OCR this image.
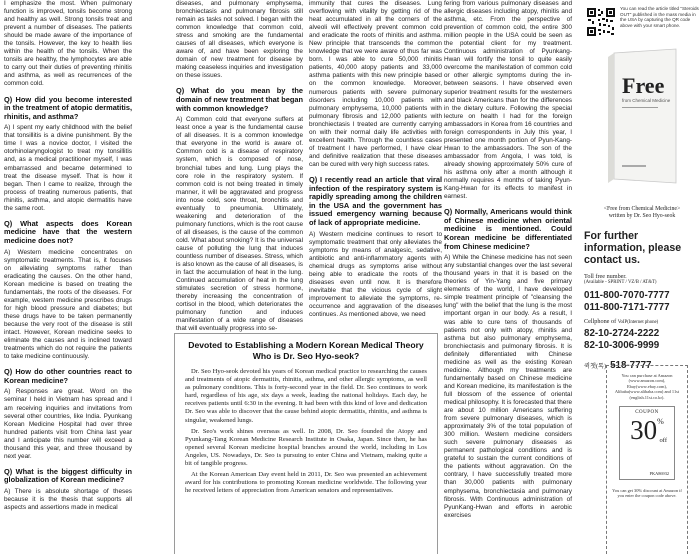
I emphasize the most. When pulmonary function is improved, tonsils become strong and healthy as well. Strong tonsils treat and prevent a number of diseases. The patients should be made aware of the importance of the tonsils. However, the key to health lies within the health of the tonsils. When the tonsils are healthy, the lymphocytes are able to carry out their duties of preventing rhinitis and asthma, as well as recurrences of the common cold.

Q) How did you become interested in the treatment of atopic dermatitis, rhinitis, and asthma?

A) I spent my early childhood with the belief that tonsillitis is a divine punishment. By the time I was a novice doctor, I visited the otorhinolaryngologist to treat my tonsillitis and, as a medical practitioner myself, I was embarrassed and became determined to treat the disease myself. That is how it began. Then I came to realize, through the process of treating numerous patients, that rhinitis, asthma, and atopic dermatitis have the same root.

Q) What aspects does Korean medicine have that the western medicine does not?

A) Western medicine concentrates on symptomatic treatments. That is, it focuses on alleviating symptoms rather than eradicating the causes. On the other hand, Korean medicine is based on treating the fundamentals, the roots of the diseases. For example, western medicine prescribes drugs for high blood pressure and diabetes; but these drugs have to be taken permanently because the very root of the disease is still intact. However, Korean medicine seeks to eliminate the causes and is inclined toward treatments which do not require the patients to take medicine continuously.

Q) How do other countries react to Korean medicine?

A) Responses are great. Word on the seminar I held in Vietnam has spread and I am receiving inquiries and invitations from several other countries, like India. Pyunkang Korean Medicine Hospital had over three hundred patients visit from China last year and I anticipate this number will exceed a thousand this year, and three thousand by next year.

Q) What is the biggest difficulty in globalization of Korean medicine?

A) There is absolute shortage of theses because it is the thesis that supports all aspects and assertions made in medical

diseases, and pulmonary emphysema, bronchiectasis and pulmonary fibrosis still remain as tasks not solved. I began with the common knowledge that common cold, stress and smoking are the fundamental causes of all diseases, which everyone is aware of, and have been exploring the domain of new treatment for disease by making ceaseless inquiries and investigation on these issues.

Q) What do you mean by the domain of new treatment that began with common knowledge?

A) Common cold that everyone suffers at least once a year is the fundamental cause of all diseases. It is a common knowledge that everyone in the world is aware of. Common cold is a disease of respiratory system, which is composed of nose, bronchial tubes and lung. Lung plays the core role in the respiratory system. If common cold is not being treated in timely manner, it will be aggravated and progress into nose cold, sore throat, bronchitis and eventually to pneumonia. Ultimately, weakening and deterioration of the pulmonary functions, which is the root cause of all diseases, is the cause of the common cold. What about smoking? It is the universal cause of polluting the lung that induces countless number of diseases. Stress, which is also known as the cause of all diseases, is in fact the accumulation of heat in the lung. Continued accumulation of heat in the lung stimulates secretion of stress hormone, thereby increasing the concentration of cortisol in the blood, which deteriorates the pulmonary function and induces manifestation of a wide range of diseases that will eventually progress into se-

immunity that cures the diseases. Lung overflowing with vitality by getting rid of the heat accumulated in all the corners of the alveoli will effectively prevent common cold and eradicate the roots of rhinitis and asthma. New principle that transcends the common knowledge that we were aware of thus far was born. I was able to cure 50,000 rhinitis patients, 40,000 atopy patients and 33,000 asthma patients with this new principle based on the common knowledge. Moreover, numerous patients with severe pulmonary disorders including 10,000 patients with pulmonary emphysema, 10,000 patients with pulmonary fibrosis and 12,000 patients with bronchiectasis I treated are currently carrying on with their normal daily life activities with excellent health. Through the countless cases of treatment I have performed, I have clear and definitive realization that these diseases can be cured with very high success rates.

Q) I recently read an article that viral infection of the respiratory system is rapidly spreading among the children in the USA and the government has issued emergency warning because of lack of appropriate medicine.

A) Western medicine continues to resort to symptomatic treatment that only alleviates the symptoms by means of analgesic, sedative, antibiotic and anti-inflammatory agents with chemical drugs as symptoms arise without being able to eradicate the roots of the diseases even until now. It is therefore inevitable that the vicious cycle of slight improvement to alleviate the symptoms, re-occurrence and aggravation of the diseases continues. As mentioned above, we need

fering from various pulmonary diseases and allergic diseases including atopy, rhinitis and asthma, etc. From the perspective of prevention of common cold, the entire 300 million people in the USA could be seen as the potential client for my treatment. Continuous administration of Pyunkang-Hwan will fortify the tonsil to quite easily overcome the manifestation of common cold or other allergic symptoms during the in-between seasons. I have observed even superior treatment results for the westerners and black Americans than for the differences in the dietary culture. Following the special lecture on health I had for the foreign ambassadors in Korea from 16 countries and foreign correspondents in July this year, I presented one month portion of Pyun-Kang-Hwan to the ambassadors. The son of the ambassador from Angola, I was told, is already showing approximately 50% cure of his asthma only after a month although it normally requires 4 months of taking Pyun-Kang-Hwan for its effects to manifest in earnest.

Q) Normally, Americans would think of Chinese medicine when oriental medicine is mentioned. Could Korean medicine be differentiated from Chinese medicine?

A) While the Chinese medicine has not seen any substantial changes over the last several thousand years in that it is based on the theories of Yin-Yang and five primary elements of the world, I have developed simple treatment principle of "cleansing the lung" with the belief that the lung is the most important organ in our body. As a result, I was able to cure tens of thousands of patients not only with atopy, rhinitis and asthma but also pulmonary emphysema, bronchiectasis and pulmonary fibrosis. It is definitely differentiated with Chinese medicine as well as the existing Korean medicine. Although my treatments are fundamentally based on Chinese medicine and Korean medicine, its manifestation is the full blossom of the essence of oriental medical philosophy. It is forecasted that there are about 10 million Americans suffering from severe pulmonary diseases, which is approximately 3% of the total population of 300 million. Western medicine considers such severe pulmonary diseases as permanent pathological conditions and is grateful to sustain the current conditions of the patients without aggravation. On the contrary, I have successfully treated more than 30,000 patients with pulmonary emphysema, bronchiectasia and pulmonary fibrosis. With Continuous administration of PyunKang-Hwan and efforts in aerobic exercises

Devoted to Establishing a Modern Korean Medical Theory Who is Dr. Seo Hyo-seok?

Dr. Seo Hyo-seok devoted his years of Korean medical practice to researching the causes and treatments of atopic dermatitis, rhinitis, asthma, and other allergic symptoms, as well as pulmonary conditions. This is forty-second year in the field. Dr. Seo continues to work hard, regardless of his age, six days a week, leading the national holidays. Each day, he receives patients until 6:30 in the evening. It had been with this kind of love and dedication Dr. Seo was able to discover that the cause behind atopic dermatitis, rhinitis, and asthma is singular, weakened lungs.

Dr. Seo's work shines overseas as well. In 2008, Dr. Seo founded the Atopy and Pyunkang-Tang Korean Medicine Research Institute in Osaka, Japan. Since then, he has opened several Korean medicine hospital branches around the world, including in Los Angeles, US. Nowadays, Dr. Seo is pursuing to enter China and Vietnam, making quite a bit of tangible progress.

At the Korean American Day event held in 2011, Dr. Seo was presented an achievement award for his contributions to promoting Korean medicine worldwide. The following year he received letters of appreciation from American senators and representatives.

You can read the article titled "Steroids OUT" published in the mass media in the USA by capturing the QR code above with your smart phone.
Free
from Chemical Medicine
<Free from Chemical Medicine>
written by Dr. Seo Hyo-seok

For further information, please contact us.

Toll free number.
(Available - SPRINT / VZ/B / AT&T)
011-800-7070-7777
011-800-7171-7777
Cellphone of VoIP(Internet phone)
82-10-2724-2222
82-10-3006-9999
퀵챗(톡) 518-7777
You can purchase at Amazon (www.amazon.com), Ebay(www.ebay.com), Alibaba(www.alibaba.com) and 11st (english.11st.co.kr).
COUPON
30%
off
PKA86932
You can get 30% discount at Amazon if you enter the coupon code above.
